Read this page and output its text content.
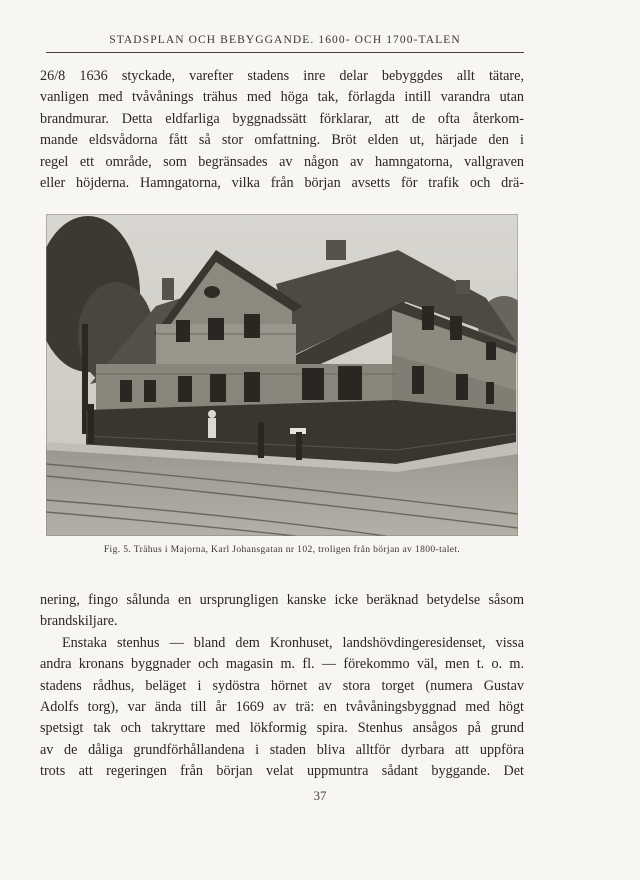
STADSPLAN OCH BEBYGGANDE. 1600- OCH 1700-TALEN

26/8 1636 styckade, varefter stadens inre delar bebyggdes allt tätare,

vanligen med tvåvånings trähus med höga tak, förlagda intill varandra utan

brandmurar. Detta eldfarliga byggnadssätt förklarar, att de ofta återkom-

mande eldsvådorna fått så stor omfattning. Bröt elden ut, härjade den i

regel ett område, som begränsades av någon av hamngatorna, vallgraven

eller höjderna. Hamngatorna, vilka från början avsetts för trafik och drä-

Fig. 5. Trähus i Majorna, Karl Johansgatan nr 102, troligen från början av 1800-talet.

nering, fingo sålunda en ursprungligen kanske icke beräknad betydelse såsom

brandskiljare.

Enstaka stenhus — bland dem Kronhuset, landshövdingeresidenset, vissa

andra kronans byggnader och magasin m. fl. — förekommo väl, men t. o. m.

stadens rådhus, beläget i sydöstra hörnet av stora torget (numera Gustav

Adolfs torg), var ända till år 1669 av trä: en tvåvåningsbyggnad med högt

spetsigt tak och takryttare med lökformig spira. Stenhus ansågos på grund

av de dåliga grundförhållandena i staden bliva alltför dyrbara att uppföra

trots att regeringen från början velat uppmuntra sådant byggande. Det

37
